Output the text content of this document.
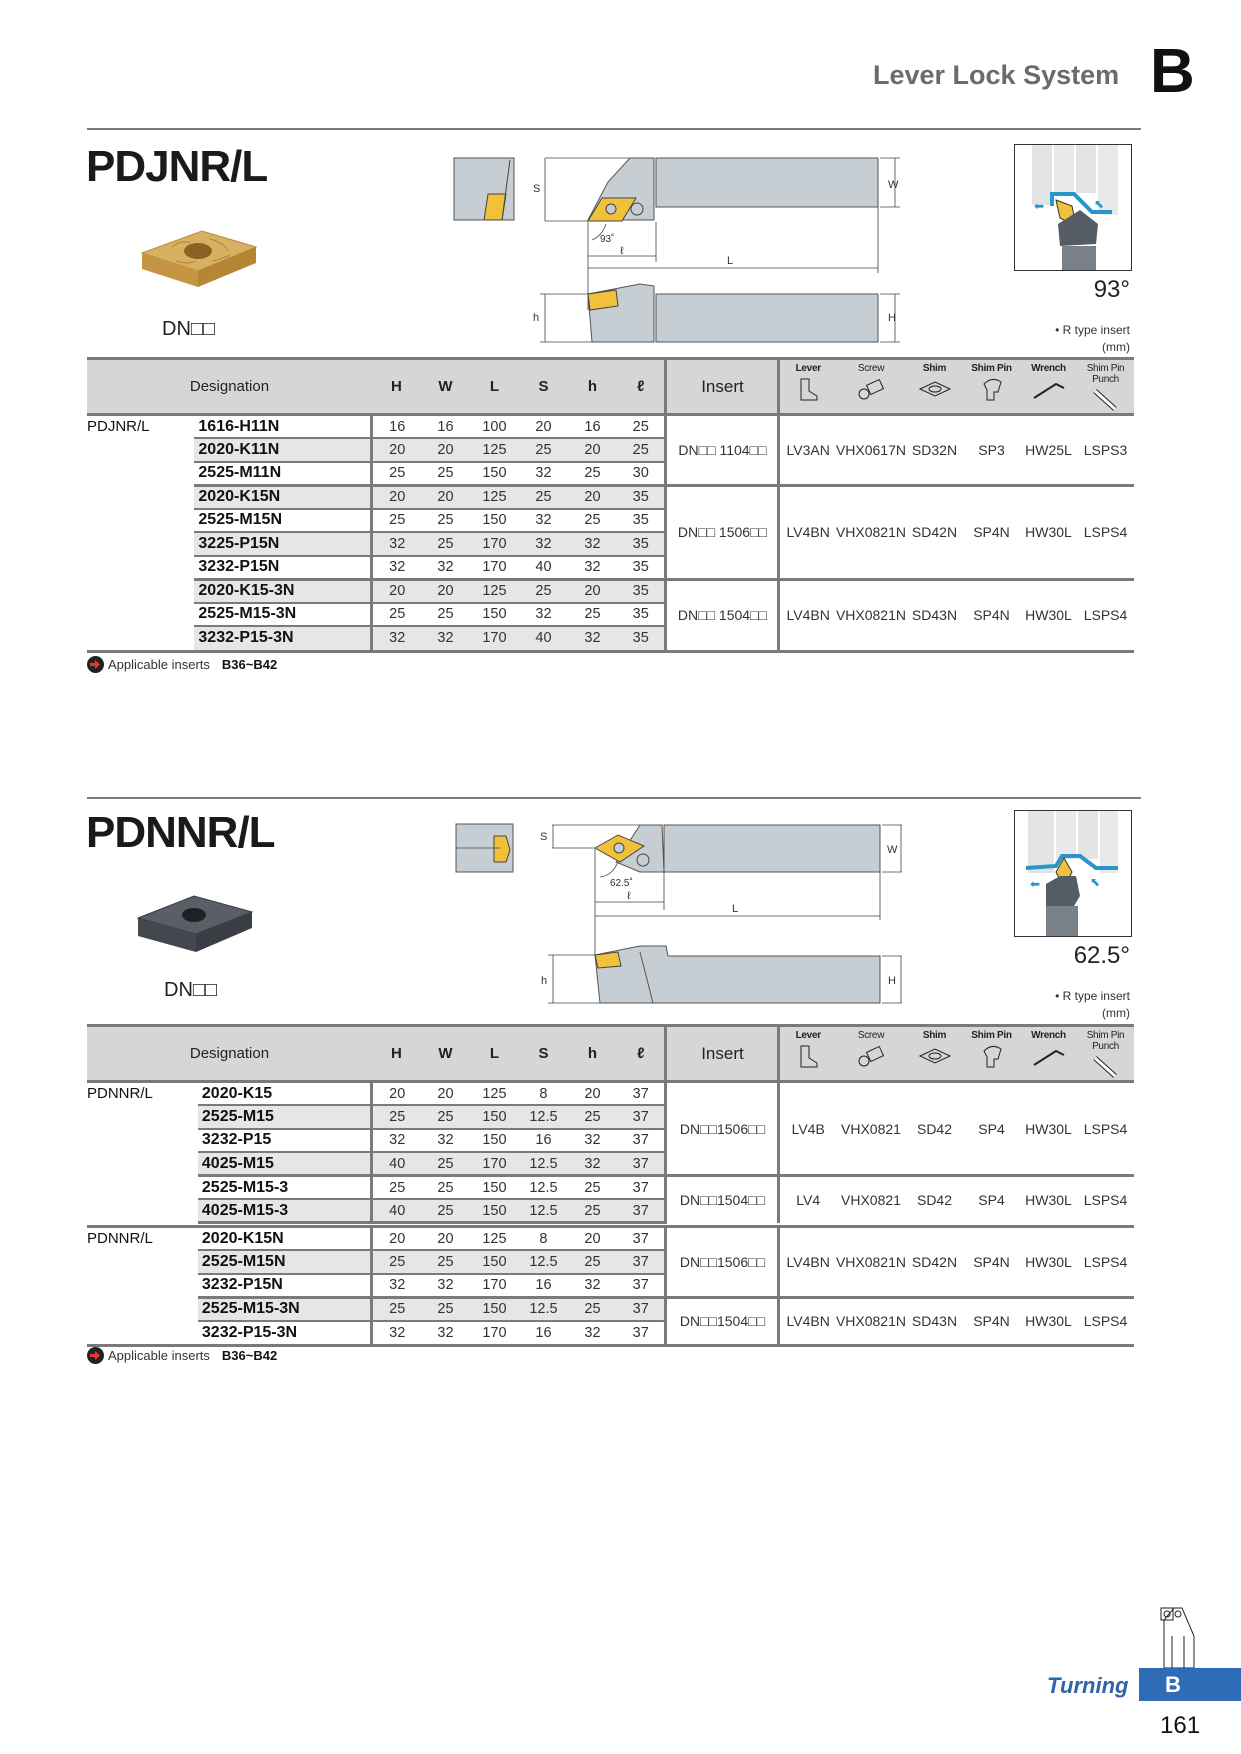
Lever Lock System B
PDJNR/L
DN□□
S	W
93˚
ℓ
L
h	H
⬅	⬉
93°
• R type insert
(mm)
Designation		H	W	L	S	h	ℓ	Insert	Lever	Screw	Shim	Shim Pin	Wrench	Shim Pin Punch

PDJNR/L	1616-H11N	16	16	100	20	16	25	DN□□ 1104□□	LV3AN	VHX0617N	SD32N	SP3	HW25L	LSPS3
	2020-K11N	20	20	125	25	20	25							
	2525-M11N	25	25	150	32	25	30							
	2020-K15N	20	20	125	25	20	35	DN□□ 1506□□	LV4BN	VHX0821N	SD42N	SP4N	HW30L	LSPS4
	2525-M15N	25	25	150	32	25	35							
	3225-P15N	32	25	170	32	32	35							
	3232-P15N	32	32	170	40	32	35							
	2020-K15-3N	20	20	125	25	20	35	DN□□ 1504□□	LV4BN	VHX0821N	SD43N	SP4N	HW30L	LSPS4
	2525-M15-3N	25	25	150	32	25	35							
	3232-P15-3N	32	32	170	40	32	35							

Applicable inserts B36~B42
PDNNR/L
DN□□
S
W
62.5˚
ℓ
L
h	H
⬅	⬉
62.5°
• R type insert
(mm)
Designation		H	W	L	S	h	ℓ	Insert	Lever	Screw	Shim	Shim Pin	Wrench	Shim Pin Punch

PDNNR/L	2020-K15	20	20	125	8	20	37	DN□□1506□□	LV4B	VHX0821	SD42	SP4	HW30L	LSPS4
	2525-M15	25	25	150	12.5	25	37							
	3232-P15	32	32	150	16	32	37							
	4025-M15	40	25	170	12.5	32	37							
	2525-M15-3	25	25	150	12.5	25	37	DN□□1504□□	LV4	VHX0821	SD42	SP4	HW30L	LSPS4
	4025-M15-3	40	25	150	12.5	25	37							

PDNNR/L	2020-K15N	20	20	125	8	20	37	DN□□1506□□	LV4BN	VHX0821N	SD42N	SP4N	HW30L	LSPS4
	2525-M15N	25	25	150	12.5	25	37							
	3232-P15N	32	32	170	16	32	37							
	2525-M15-3N	25	25	150	12.5	25	37	DN□□1504□□	LV4BN	VHX0821N	SD43N	SP4N	HW30L	LSPS4
	3232-P15-3N	32	32	170	16	32	37							

Applicable inserts B36~B42
Turning	B
161
